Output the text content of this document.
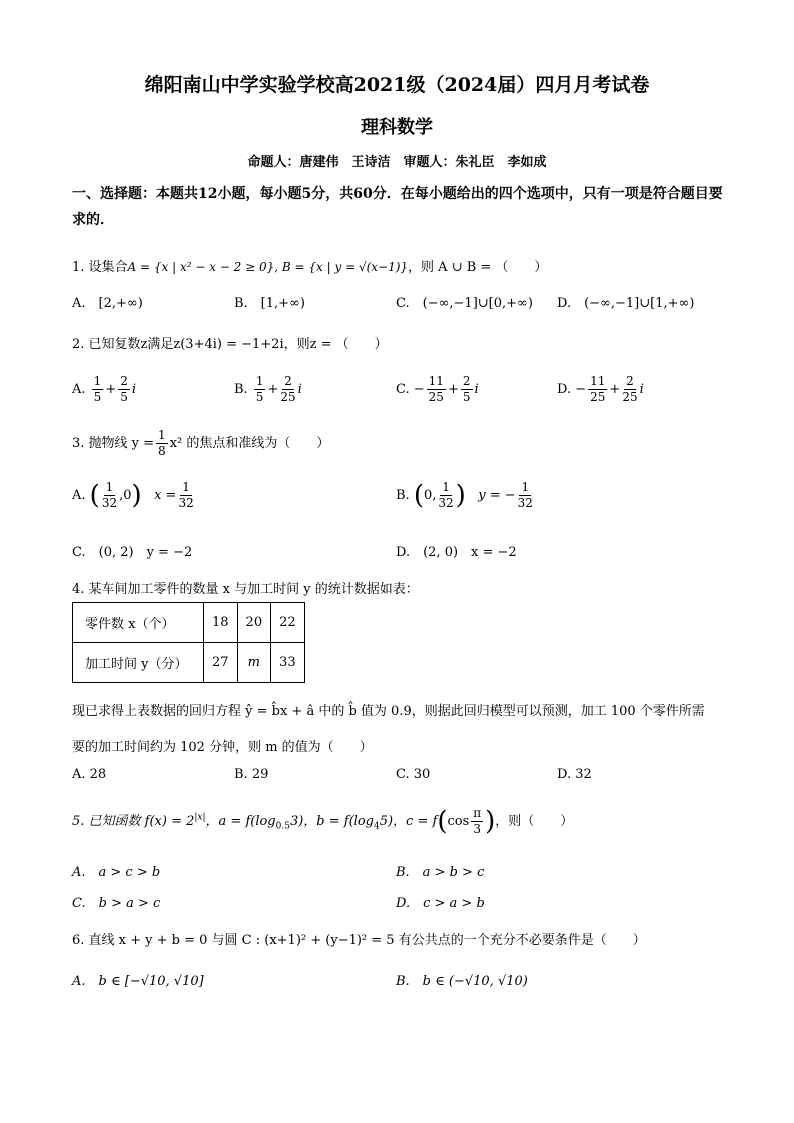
绵阳南山中学实验学校高2021级（2024届）四月月考试卷
理科数学
命题人：唐建伟　王诗洁　审题人：朱礼臣　李如成
一、选择题：本题共12小题，每小题5分，共60分．在每小题给出的四个选项中，只有一项是符合题目要求的．
1. 设集合A = {x | x² − x − 2 ≥ 0}, B = {x | y = √(x−1)}，则 A ∪ B = （　　）
A.　[2,+∞)	B.　[1,+∞)	C.　(−∞,−1]∪[0,+∞) D.　(−∞,−1]∪[1,+∞)
2. 已知复数z满足z(3+4i) = −1+2i，则z = （　　）
A. $\frac{1}{5} + \frac{2}{5}$ i	B. $\frac{1}{5} + \frac{2}{25}$ i	C. − $\frac{11}{25} + \frac{2}{5}$ i	D. − $\frac{11}{25} + \frac{2}{25}$ i
3. 抛物线 $y = \frac{1}{8} x^2$ 的焦点和准线为（　　）
A. ( $\frac{1}{32} ,0$) $x = \frac{1}{32}$	B. (0, $\frac{1}{32}$ ) y = − $\frac{1}{32}$
C.　(0, 2)　y = −2	D.　(2, 0)　x = −2
4. 某车间加工零件的数量 x 与加工时间 y 的统计数据如表：
零件数 x（个）	18	20	22
加工时间 y（分）	27	m	33
现已求得上表数据的回归方程 ŷ = b̂x + â 中的 b̂ 值为 0.9，则据此回归模型可以预测，加工 100 个零件所需
要的加工时间约为 102 分钟，则 m 的值为（　　）
A. 28	B. 29	C. 30	D. 32
5. 已知函数 $f(x) = 2^{|x|}$，$a = f(\log_{0.5}3)$，$b = f(\log_45)$，$c = f(\cos \frac{\pi}{3}$ )，则（　　）
A.　a > c > b	B.　a > b > c
C.　b > a > c	D.　c > a > b
6. 直线 x + y + b = 0 与圆 C : (x+1)² + (y−1)² = 5 有公共点的一个充分不必要条件是（　　）
A.　b ∈ [−√10, √10]	B.　b ∈ (−√10, √10)
